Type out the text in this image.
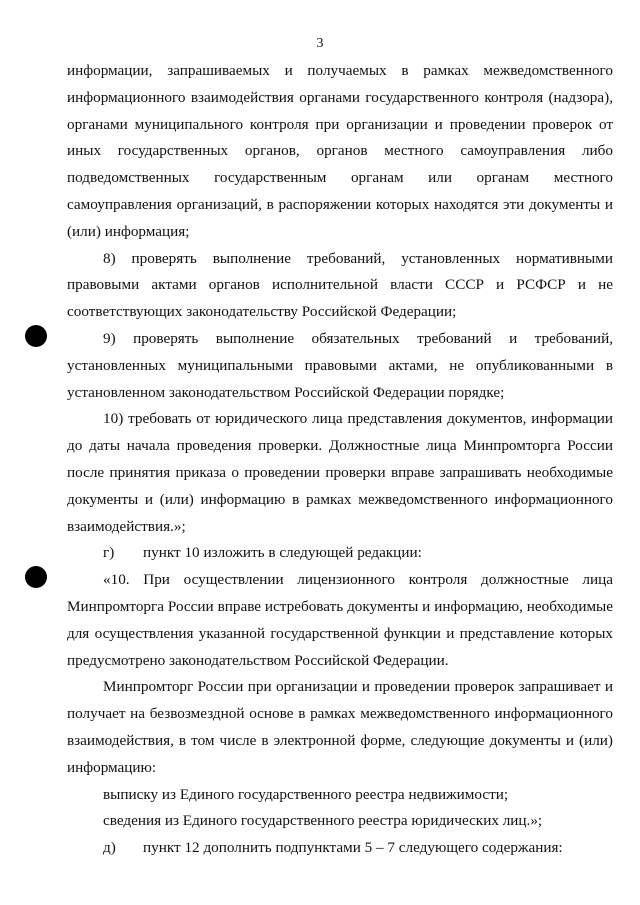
3

информации, запрашиваемых и получаемых в рамках межведомственного

информационного взаимодействия органами государственного контроля (надзора),

органами муниципального контроля при организации и проведении проверок от

иных государственных органов, органов местного самоуправления либо

подведомственных государственным органам или органам местного

самоуправления организаций, в распоряжении которых находятся эти документы и

(или) информация;

8) проверять выполнение требований, установленных нормативными

правовыми актами органов исполнительной власти СССР и РСФСР и не

соответствующих законодательству Российской Федерации;

9) проверять выполнение обязательных требований и требований,

установленных муниципальными правовыми актами, не опубликованными в

установленном законодательством Российской Федерации порядке;

10) требовать от юридического лица представления документов, информации

до даты начала проведения проверки. Должностные лица Минпромторга России

после принятия приказа о проведении проверки вправе запрашивать необходимые

документы и (или) информацию в рамках межведомственного информационного

взаимодействия.»;

г) пункт 10 изложить в следующей редакции:

«10. При осуществлении лицензионного контроля должностные лица

Минпромторга России вправе истребовать документы и информацию, необходимые

для осуществления указанной государственной функции и представление которых

предусмотрено законодательством Российской Федерации.

Минпромторг России при организации и проведении проверок запрашивает и

получает на безвозмездной основе в рамках межведомственного информационного

взаимодействия, в том числе в электронной форме, следующие документы и (или)

информацию:

выписку из Единого государственного реестра недвижимости;

сведения из Единого государственного реестра юридических лиц.»;

д) пункт 12 дополнить подпунктами 5 – 7 следующего содержания:
